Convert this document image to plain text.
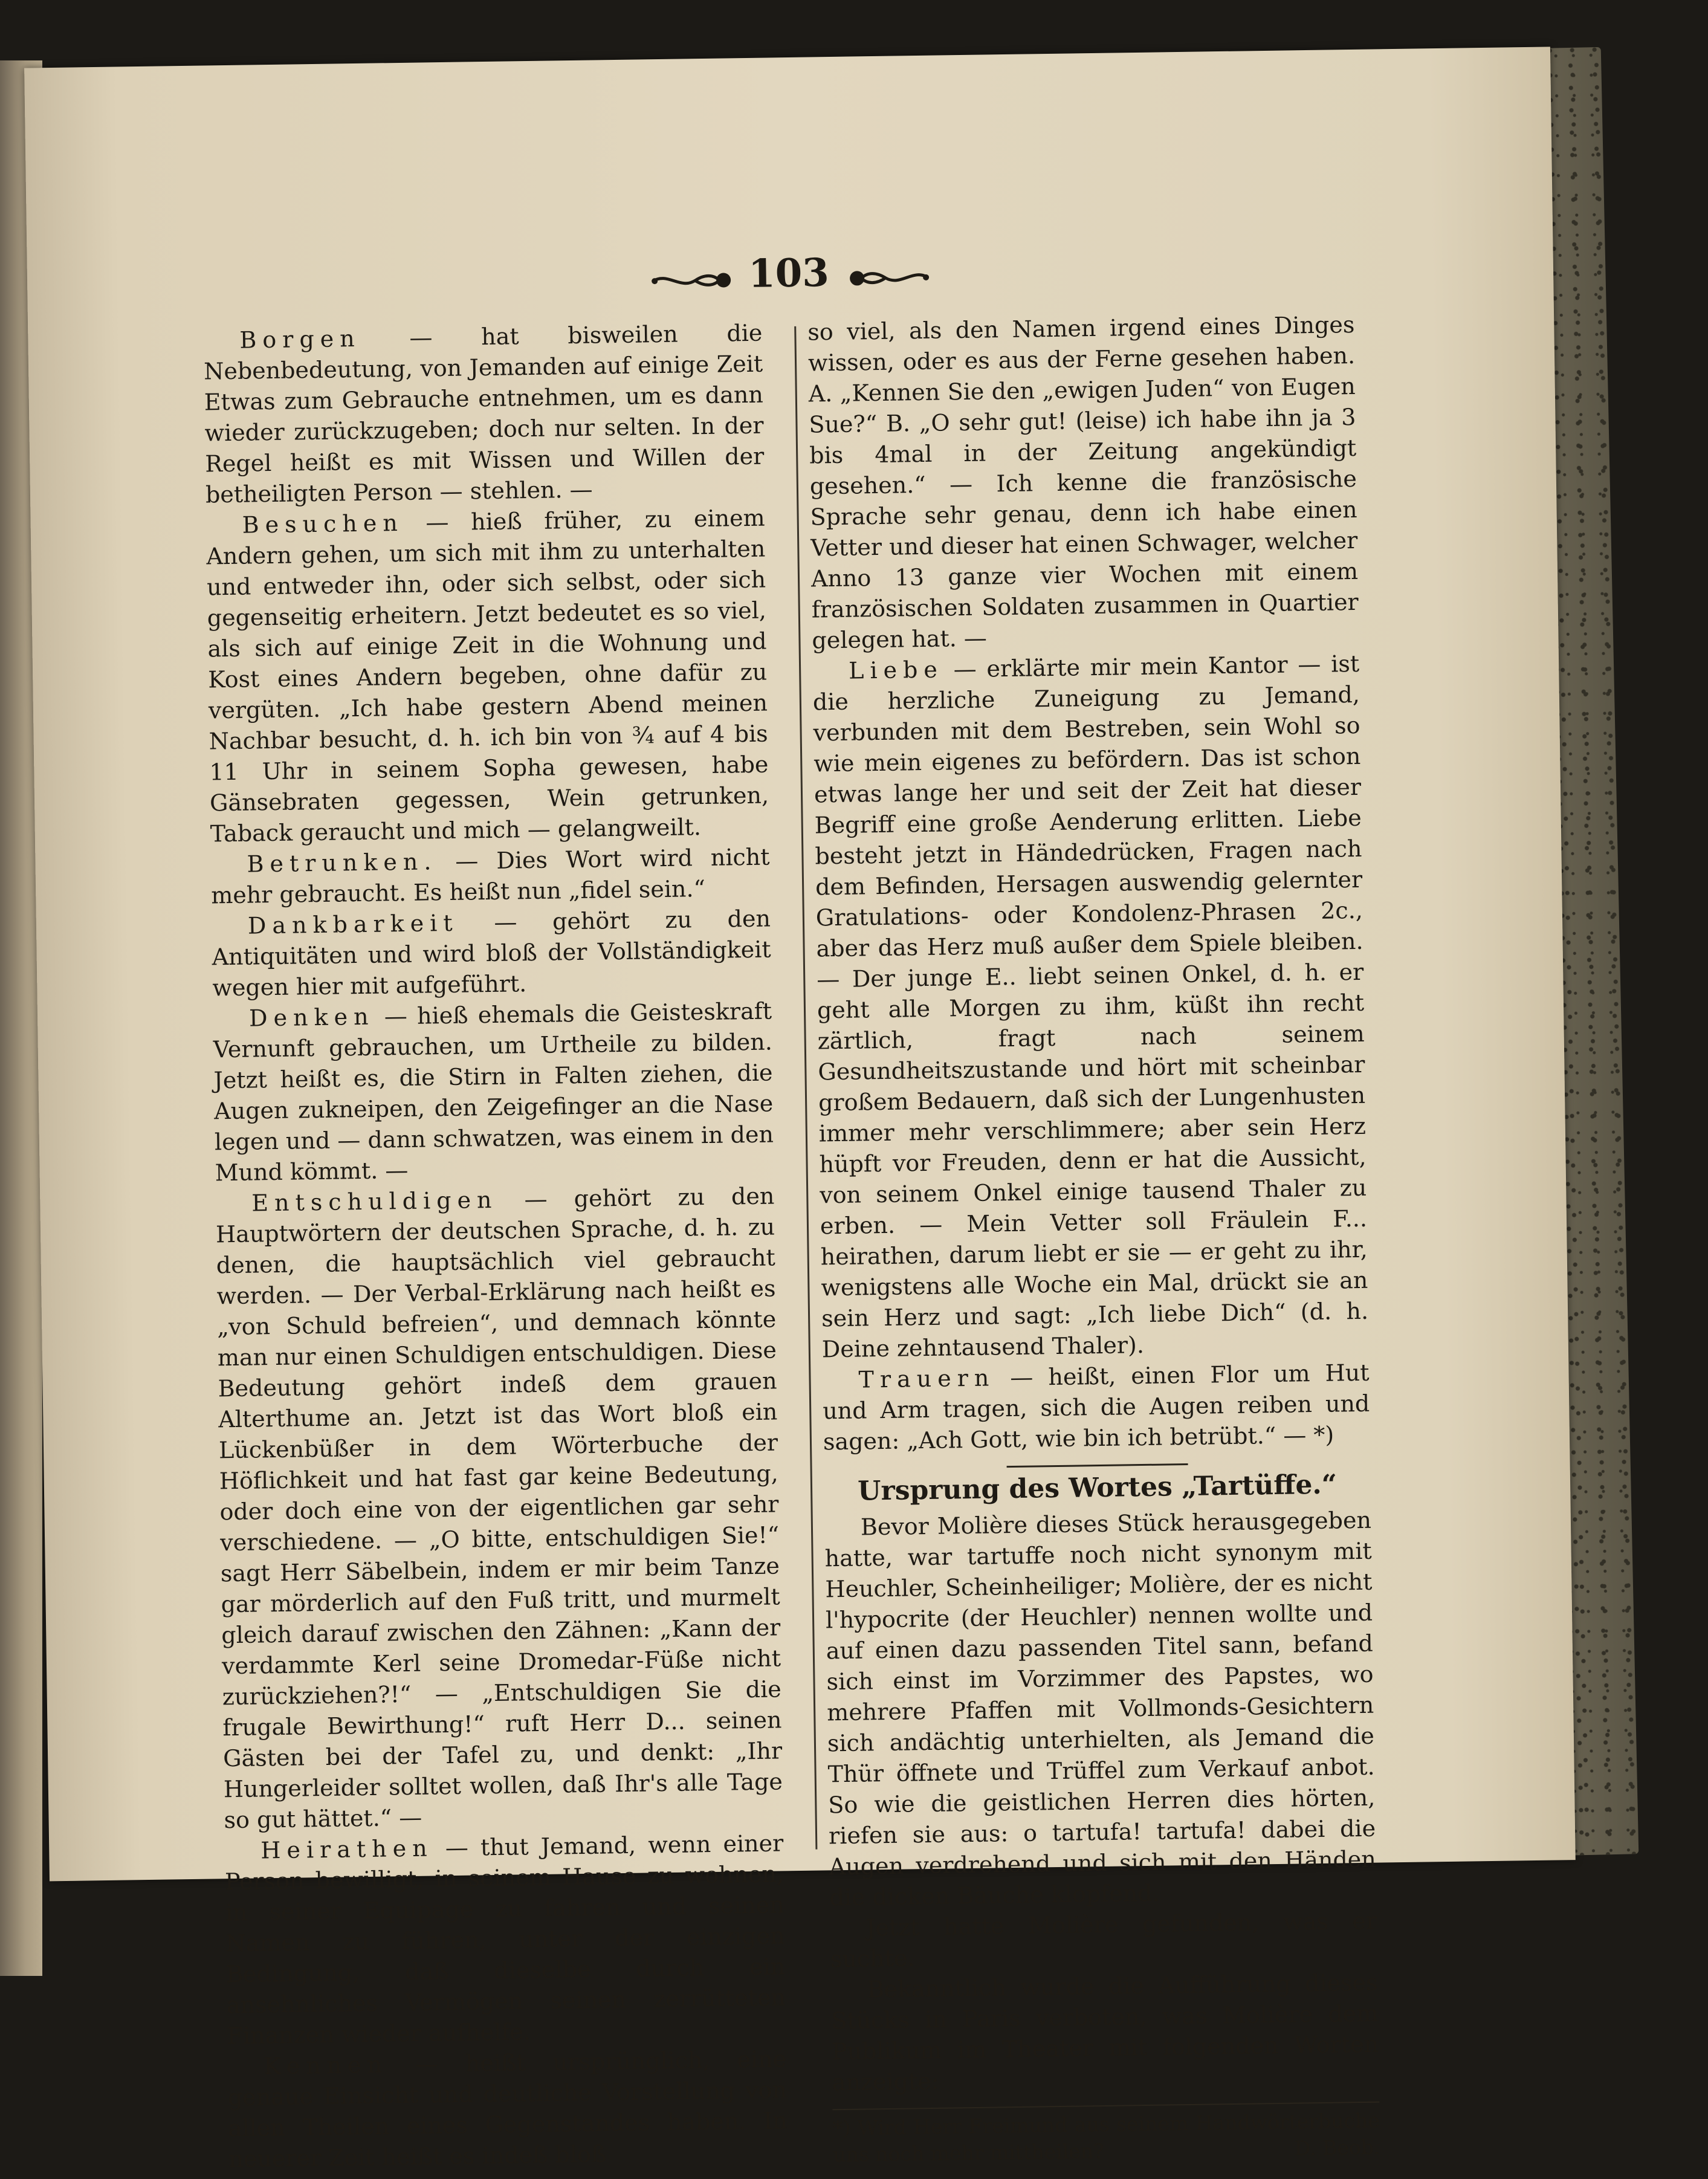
103

Borgen — hat bisweilen die Nebenbedeutung, von Jemanden auf einige Zeit Etwas zum Gebrauche entnehmen, um es dann wieder zurückzugeben; doch nur selten. In der Regel heißt es mit Wissen und Willen der betheiligten Person — stehlen. —

Besuchen — hieß früher, zu einem Andern gehen, um sich mit ihm zu unterhalten und entweder ihn, oder sich selbst, oder sich gegenseitig erheitern. Jetzt bedeutet es so viel, als sich auf einige Zeit in die Wohnung und Kost eines Andern begeben, ohne dafür zu vergüten. „Ich habe gestern Abend meinen Nachbar besucht, d. h. ich bin von ¾ auf 4 bis 11 Uhr in seinem Sopha gewesen, habe Gänsebraten gegessen, Wein getrunken, Taback geraucht und mich — gelangweilt.

Betrunken. — Dies Wort wird nicht mehr gebraucht. Es heißt nun „fidel sein.“

Dankbarkeit — gehört zu den Antiquitäten und wird bloß der Vollständigkeit wegen hier mit aufgeführt.

Denken — hieß ehemals die Geisteskraft Vernunft gebrauchen, um Urtheile zu bilden. Jetzt heißt es, die Stirn in Falten ziehen, die Augen zukneipen, den Zeigefinger an die Nase legen und — dann schwatzen, was einem in den Mund kömmt. —

Entschuldigen — gehört zu den Hauptwörtern der deutschen Sprache, d. h. zu denen, die hauptsächlich viel gebraucht werden. — Der Verbal-Erklärung nach heißt es „von Schuld befreien“, und demnach könnte man nur einen Schuldigen entschuldigen. Diese Bedeutung gehört indeß dem grauen Alterthume an. Jetzt ist das Wort bloß ein Lückenbüßer in dem Wörterbuche der Höflichkeit und hat fast gar keine Bedeutung, oder doch eine von der eigentlichen gar sehr verschiedene. — „O bitte, entschuldigen Sie!“ sagt Herr Säbelbein, indem er mir beim Tanze gar mörderlich auf den Fuß tritt, und murmelt gleich darauf zwischen den Zähnen: „Kann der verdammte Kerl seine Dromedar-Füße nicht zurückziehen?!“ — „Entschuldigen Sie die frugale Bewirthung!“ ruft Herr D... seinen Gästen bei der Tafel zu, und denkt: „Ihr Hungerleider solltet wollen, daß Ihr's alle Tage so gut hättet.“ —

Heirathen — thut Jemand, wenn einer Person bewilligt, in seinem Hause zu wohnen, in seiner Equipage zu fahren und seinen Namen zu führen, unter der einzigen Bedingung, daß dieselbe durch ein ansehnliches Vermögen seinen zerrütteten Finanzen wieder aufhelfe.

Kennen — heißt ursprünglich, eine genaue Einsicht und deutliche Vorstellung von allen Theilen eines Gegenstandes haben. In neuerer Zeit heißt es indeß bloß

so viel, als den Namen irgend eines Dinges wissen, oder es aus der Ferne gesehen haben. A. „Kennen Sie den „ewigen Juden“ von Eugen Sue?“ B. „O sehr gut! (leise) ich habe ihn ja 3 bis 4mal in der Zeitung angekündigt gesehen.“ — Ich kenne die französische Sprache sehr genau, denn ich habe einen Vetter und dieser hat einen Schwager, welcher Anno 13 ganze vier Wochen mit einem französischen Soldaten zusammen in Quartier gelegen hat. —

Liebe — erklärte mir mein Kantor — ist die herzliche Zuneigung zu Jemand, verbunden mit dem Bestreben, sein Wohl so wie mein eigenes zu befördern. Das ist schon etwas lange her und seit der Zeit hat dieser Begriff eine große Aenderung erlitten. Liebe besteht jetzt in Händedrücken, Fragen nach dem Befinden, Hersagen auswendig gelernter Gratulations- oder Kondolenz-Phrasen 2c., aber das Herz muß außer dem Spiele bleiben. — Der junge E.. liebt seinen Onkel, d. h. er geht alle Morgen zu ihm, küßt ihn recht zärtlich, fragt nach seinem Gesundheitszustande und hört mit scheinbar großem Bedauern, daß sich der Lungenhusten immer mehr verschlimmere; aber sein Herz hüpft vor Freuden, denn er hat die Aussicht, von seinem Onkel einige tausend Thaler zu erben. — Mein Vetter soll Fräulein F... heirathen, darum liebt er sie — er geht zu ihr, wenigstens alle Woche ein Mal, drückt sie an sein Herz und sagt: „Ich liebe Dich“ (d. h. Deine zehntausend Thaler).

Trauern — heißt, einen Flor um Hut und Arm tragen, sich die Augen reiben und sagen: „Ach Gott, wie bin ich betrübt.“ — *)

Ursprung des Wortes „Tartüffe.“

Bevor Molière dieses Stück herausgegeben hatte, war tartuffe noch nicht synonym mit Heuchler, Scheinheiliger; Molière, der es nicht l'hypocrite (der Heuchler) nennen wollte und auf einen dazu passenden Titel sann, befand sich einst im Vorzimmer des Papstes, wo mehrere Pfaffen mit Vollmonds-Gesichtern sich andächtig unterhielten, als Jemand die Thür öffnete und Trüffel zum Verkauf anbot. So wie die geistlichen Herren dies hörten, riefen sie aus: o tartufa! tartufa! dabei die Augen verdrehend und sich mit den Händen die dicken Bäuche klopfend.

Jetzt hatte Molière gefunden, was er suchte.

Bekanntlich wurde die Aufführung dieses Stücks in Paris verboten, was Molière dem Publikum im Theater mit folgenden Worten anzeigte:

*) Wird Herr Freimund aus seinem Handwörterbuche uns noch mehr mittheilen?	D. Beob.
